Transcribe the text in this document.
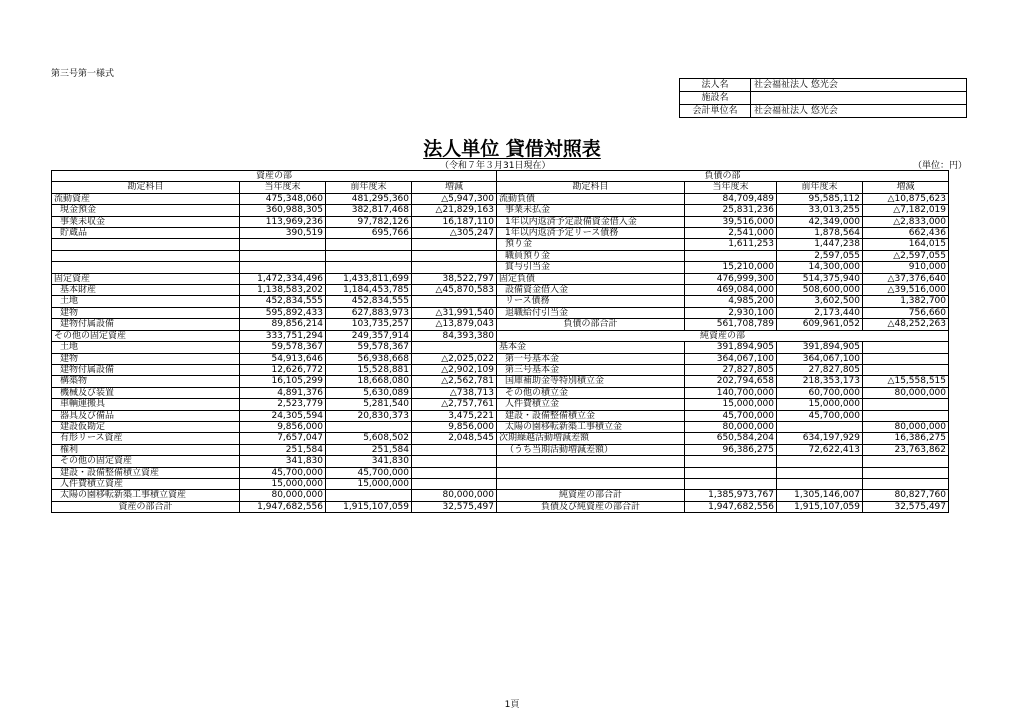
第三号第一様式
法人名	社会福祉法人 悠光会
施設名	
会計単位名	社会福祉法人 悠光会
法人単位 貸借対照表
（令和７年３月31日現在）	（単位：円）
資産の部				負債の部			
勘定科目	当年度末	前年度末	増減	勘定科目	当年度末	前年度末	増減
流動資産	475,348,060	481,295,360	△5,947,300	流動負債	84,709,489	95,585,112	△10,875,623
現金預金	360,988,305	382,817,468	△21,829,163	事業未払金	25,831,236	33,013,255	△7,182,019
事業未収金	113,969,236	97,782,126	16,187,110	1年以内返済予定設備資金借入金	39,516,000	42,349,000	△2,833,000
貯蔵品	390,519	695,766	△305,247	1年以内返済予定リース債務	2,541,000	1,878,564	662,436
				預り金	1,611,253	1,447,238	164,015
				職員預り金		2,597,055	△2,597,055
				賞与引当金	15,210,000	14,300,000	910,000
固定資産	1,472,334,496	1,433,811,699	38,522,797	固定負債	476,999,300	514,375,940	△37,376,640
基本財産	1,138,583,202	1,184,453,785	△45,870,583	設備資金借入金	469,084,000	508,600,000	△39,516,000
土地	452,834,555	452,834,555		リース債務	4,985,200	3,602,500	1,382,700
建物	595,892,433	627,883,973	△31,991,540	退職給付引当金	2,930,100	2,173,440	756,660
建物付属設備	89,856,214	103,735,257	△13,879,043	負債の部合計	561,708,789	609,961,052	△48,252,263
その他の固定資産	333,751,294	249,357,914	84,393,380	純資産の部			
土地	59,578,367	59,578,367		基本金	391,894,905	391,894,905	
建物	54,913,646	56,938,668	△2,025,022	第一号基本金	364,067,100	364,067,100	
建物付属設備	12,626,772	15,528,881	△2,902,109	第三号基本金	27,827,805	27,827,805	
構築物	16,105,299	18,668,080	△2,562,781	国庫補助金等特別積立金	202,794,658	218,353,173	△15,558,515
機械及び装置	4,891,376	5,630,089	△738,713	その他の積立金	140,700,000	60,700,000	80,000,000
車輌運搬具	2,523,779	5,281,540	△2,757,761	人件費積立金	15,000,000	15,000,000	
器具及び備品	24,305,594	20,830,373	3,475,221	建設・設備整備積立金	45,700,000	45,700,000	
建設仮勘定	9,856,000		9,856,000	太陽の園移転新築工事積立金	80,000,000		80,000,000
有形リース資産	7,657,047	5,608,502	2,048,545	次期繰越活動増減差額	650,584,204	634,197,929	16,386,275
権利	251,584	251,584		（うち当期活動増減差額）	96,386,275	72,622,413	23,763,862
その他の固定資産	341,830	341,830					
建設・設備整備積立資産	45,700,000	45,700,000					
人件費積立資産	15,000,000	15,000,000					
太陽の園移転新築工事積立資産	80,000,000		80,000,000	純資産の部合計	1,385,973,767	1,305,146,007	80,827,760
資産の部合計	1,947,682,556	1,915,107,059	32,575,497	負債及び純資産の部合計	1,947,682,556	1,915,107,059	32,575,497
1頁
